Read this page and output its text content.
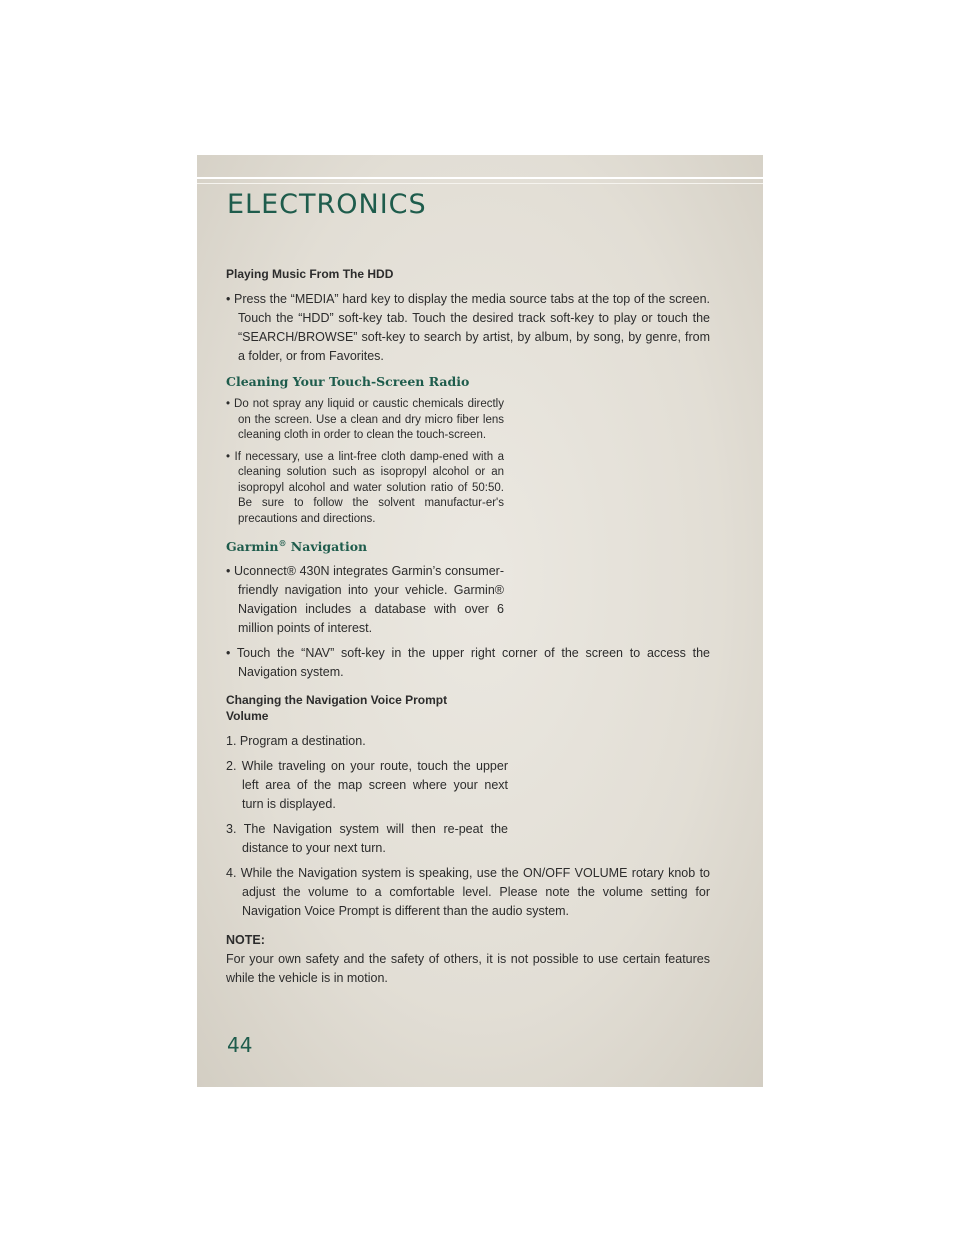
ELECTRONICS

Playing Music From The HDD

• Press the “MEDIA” hard key to display the media source tabs at the top of the screen. Touch the “HDD” soft-key tab. Touch the desired track soft-key to play or touch the “SEARCH/BROWSE” soft-key to search by artist, by album, by song, by genre, from a folder, or from Favorites.

Cleaning Your Touch-Screen Radio

• Do not spray any liquid or caustic chemicals directly on the screen. Use a clean and dry micro fiber lens cleaning cloth in order to clean the touch-screen.

• If necessary, use a lint-free cloth damp-ened with a cleaning solution such as isopropyl alcohol or an isopropyl alcohol and water solution ratio of 50:50. Be sure to follow the solvent manufactur-er's precautions and directions.

Garmin® Navigation

• Uconnect® 430N integrates Garmin’s consumer-friendly navigation into your vehicle. Garmin® Navigation includes a database with over 6 million points of interest.

• Touch the “NAV” soft-key in the upper right corner of the screen to access the Navigation system.

Changing the Navigation Voice Prompt Volume

1. Program a destination.

2. While traveling on your route, touch the upper left area of the map screen where your next turn is displayed.

3. The Navigation system will then re-peat the distance to your next turn.

4. While the Navigation system is speaking, use the ON/OFF VOLUME rotary knob to adjust the volume to a comfortable level. Please note the volume setting for Navigation Voice Prompt is different than the audio system.

NOTE:

For your own safety and the safety of others, it is not possible to use certain features while the vehicle is in motion.

44
